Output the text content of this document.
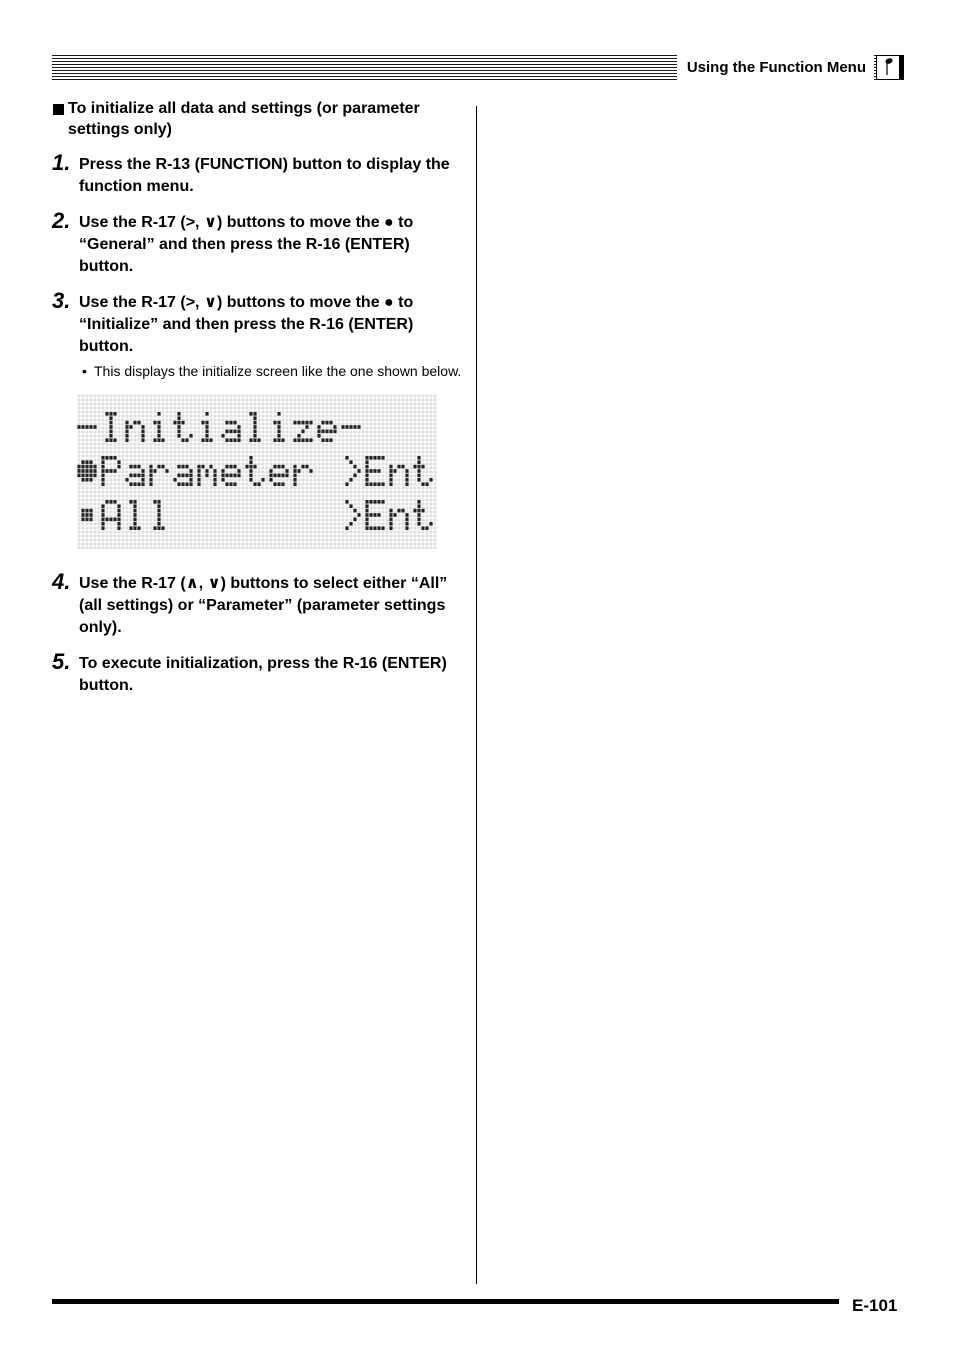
Using the Function Menu
To initialize all data and settings (or parameter settings only)
1. Press the R-13 (FUNCTION) button to display the function menu.
2. Use the R-17 (>, ∨) buttons to move the ● to “General” and then press the R-16 (ENTER) button.
3. Use the R-17 (>, ∨) buttons to move the ● to “Initialize” and then press the R-16 (ENTER) button.
• This displays the initialize screen like the one shown below.
Initialize
Parameter	>Ent
All	>Ent
4. Use the R-17 (∧, ∨) buttons to select either “All” (all settings) or “Parameter” (parameter settings only).
5. To execute initialization, press the R-16 (ENTER) button.
E-101
